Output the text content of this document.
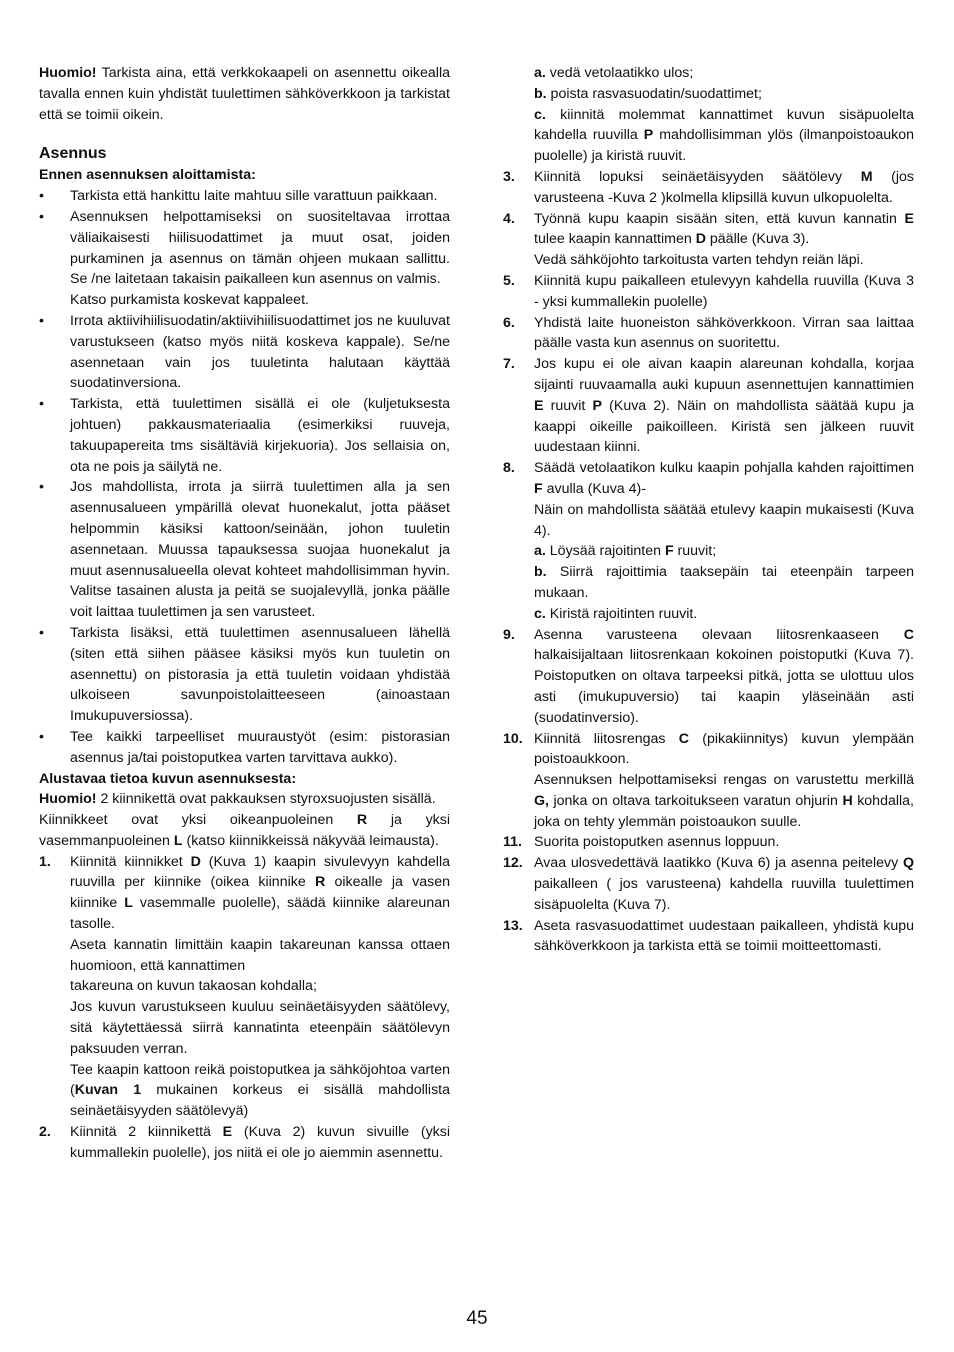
Huomio! Tarkista aina, että verkkokaapeli on asennettu oikealla tavalla ennen kuin yhdistät tuulettimen sähköverkkoon ja tarkistat että se toimii oikein.

Asennus
Ennen asennuksen aloittamista:
• Tarkista että hankittu laite mahtuu sille varattuun paikkaan.
• Asennuksen helpottamiseksi on suositeltavaa irrottaa väliaikaisesti hiilisuodattimet ja muut osat, joiden purkaminen ja asennus on tämän ohjeen mukaan sallittu. Se /ne laitetaan takaisin paikalleen kun asennus on valmis.
Katso purkamista koskevat kappaleet.
• Irrota aktiivihiilisuodatin/aktiivihiilisuodattimet jos ne kuuluvat varustukseen (katso myös niitä koskeva kappale). Se/ne asennetaan vain jos tuuletinta halutaan käyttää suodatinversiona.
• Tarkista, että tuulettimen sisällä ei ole (kuljetuksesta johtuen) pakkausmateriaalia (esimerkiksi ruuveja, takuupapereita tms sisältäviä kirjekuoria). Jos sellaisia on, ota ne pois ja säilytä ne.
• Jos mahdollista, irrota ja siirrä tuulettimen alla ja sen asennusalueen ympärillä olevat huonekalut, jotta pääset helpommin käsiksi kattoon/seinään, johon tuuletin asennetaan. Muussa tapauksessa suojaa huonekalut ja muut asennusalueella olevat kohteet mahdollisimman hyvin. Valitse tasainen alusta ja peitä se suojalevyllä, jonka päälle voit laittaa tuulettimen ja sen varusteet.
• Tarkista lisäksi, että tuulettimen asennusalueen lähellä (siten että siihen pääsee käsiksi myös kun tuuletin on asennettu) on pistorasia ja että tuuletin voidaan yhdistää ulkoiseen savunpoistolaitteeseen (ainoastaan Imukupuversiossa).
• Tee kaikki tarpeelliset muuraustyöt (esim: pistorasian asennus ja/tai poistoputkea varten tarvittava aukko).
Alustavaa tietoa kuvun asennuksesta:

Huomio! 2 kiinnikettä ovat pakkauksen styroxsuojusten sisällä.

Kiinnikkeet ovat yksi oikeanpuoleinen R ja yksi vasemmanpuoleinen L (katso kiinnikkeissä näkyvää leimausta).

1. Kiinnitä kiinnikket D (Kuva 1) kaapin sivulevyyn kahdella ruuvilla per kiinnike (oikea kiinnike R oikealle ja vasen kiinnike L vasemmalle puolelle), säädä kiinnike alareunan tasolle.
Aseta kannatin limittäin kaapin takareunan kanssa ottaen huomioon, että kannattimen
takareuna on kuvun takaosan kohdalla;
Jos kuvun varustukseen kuuluu seinäetäisyyden säätölevy, sitä käytettäessä siirrä kannatinta eteenpäin säätölevyn paksuuden verran.
Tee kaapin kattoon reikä poistoputkea ja sähköjohtoa varten (Kuvan 1 mukainen korkeus ei sisällä mahdollista seinäetäisyyden säätölevyä)
2. Kiinnitä 2 kiinnikettä E (Kuva 2) kuvun sivuille (yksi kummallekin puolelle), jos niitä ei ole jo aiemmin asennettu.
a. vedä vetolaatikko ulos;
b. poista rasvasuodatin/suodattimet;
c. kiinnitä molemmat kannattimet kuvun sisäpuolelta kahdella ruuvilla P mahdollisimman ylös (ilmanpoistoaukon puolelle) ja kiristä ruuvit.
3. Kiinnitä lopuksi seinäetäisyyden säätölevy M (jos varusteena -Kuva 2 )kolmella klipsillä kuvun ulkopuolelta.
4. Työnnä kupu kaapin sisään siten, että kuvun kannatin E tulee kaapin kannattimen D päälle (Kuva 3).
Vedä sähköjohto tarkoitusta varten tehdyn reiän läpi.
5. Kiinnitä kupu paikalleen etulevyyn kahdella ruuvilla (Kuva 3 - yksi kummallekin puolelle)
6. Yhdistä laite huoneiston sähköverkkoon. Virran saa laittaa päälle vasta kun asennus on suoritettu.
7. Jos kupu ei ole aivan kaapin alareunan kohdalla, korjaa sijainti ruuvaamalla auki kupuun asennettujen kannattimien E ruuvit P (Kuva 2). Näin on mahdollista säätää kupu ja kaappi oikeille paikoilleen. Kiristä sen jälkeen ruuvit uudestaan kiinni.
8. Säädä vetolaatikon kulku kaapin pohjalla kahden rajoittimen F avulla (Kuva 4)-
Näin on mahdollista säätää etulevy kaapin mukaisesti (Kuva 4).
a. Löysää rajoitinten F ruuvit;
b. Siirrä rajoittimia taaksepäin tai eteenpäin tarpeen mukaan.
c. Kiristä rajoitinten ruuvit.
9. Asenna varusteena olevaan liitosrenkaaseen C halkaisijaltaan liitosrenkaan kokoinen poistoputki (Kuva 7). Poistoputken on oltava tarpeeksi pitkä, jotta se ulottuu ulos asti (imukupuversio) tai kaapin yläseinään asti (suodatinversio).
10. Kiinnitä liitosrengas C (pikakiinnitys) kuvun ylempään poistoaukkoon.
Asennuksen helpottamiseksi rengas on varustettu merkillä G, jonka on oltava tarkoitukseen varatun ohjurin H kohdalla, joka on tehty ylemmän poistoaukon suulle.
11. Suorita poistoputken asennus loppuun.
12. Avaa ulosvedettävä laatikko (Kuva 6) ja asenna peitelevy Q paikalleen ( jos varusteena) kahdella ruuvilla tuulettimen sisäpuolelta (Kuva 7).
13. Aseta rasvasuodattimet uudestaan paikalleen, yhdistä kupu sähköverkkoon ja tarkista että se toimii moitteettomasti.
45
